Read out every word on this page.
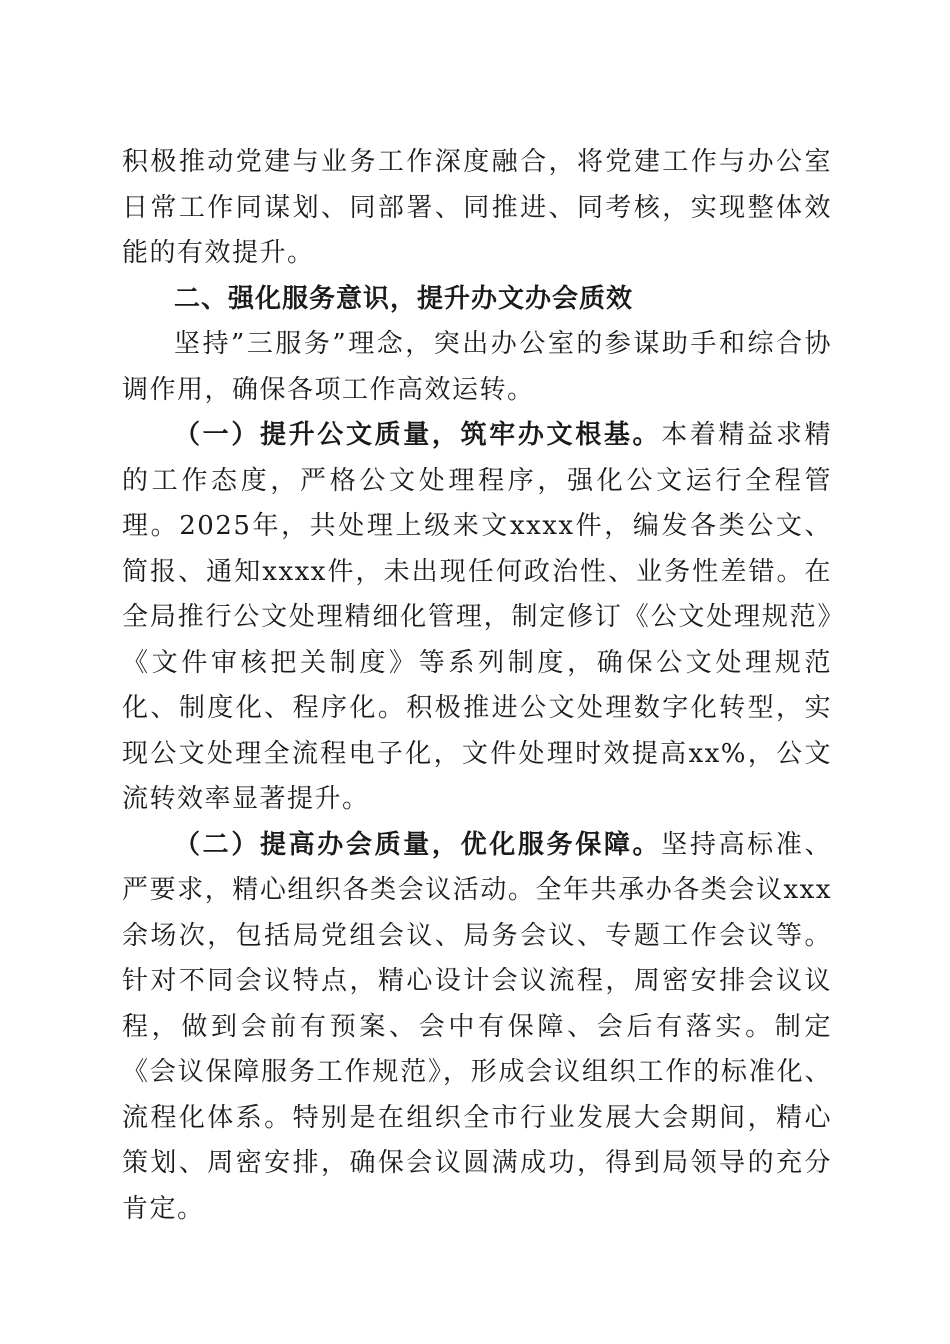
积极推动党建与业务工作深度融合，将党建工作与办公室日常工作同谋划、同部署、同推进、同考核，实现整体效能的有效提升。

二、强化服务意识，提升办文办会质效

坚持”三服务”理念，突出办公室的参谋助手和综合协调作用，确保各项工作高效运转。

（一）提升公文质量，筑牢办文根基。本着精益求精的工作态度，严格公文处理程序，强化公文运行全程管理。2025年，共处理上级来文xxxx件，编发各类公文、简报、通知xxxx件，未出现任何政治性、业务性差错。在全局推行公文处理精细化管理，制定修订《公文处理规范》《文件审核把关制度》等系列制度，确保公文处理规范化、制度化、程序化。积极推进公文处理数字化转型，实现公文处理全流程电子化，文件处理时效提高xx%，公文流转效率显著提升。

（二）提高办会质量，优化服务保障。坚持高标准、严要求，精心组织各类会议活动。全年共承办各类会议xxx余场次，包括局党组会议、局务会议、专题工作会议等。针对不同会议特点，精心设计会议流程，周密安排会议议程，做到会前有预案、会中有保障、会后有落实。制定《会议保障服务工作规范》，形成会议组织工作的标准化、流程化体系。特别是在组织全市行业发展大会期间，精心策划、周密安排，确保会议圆满成功，得到局领导的充分肯定。
